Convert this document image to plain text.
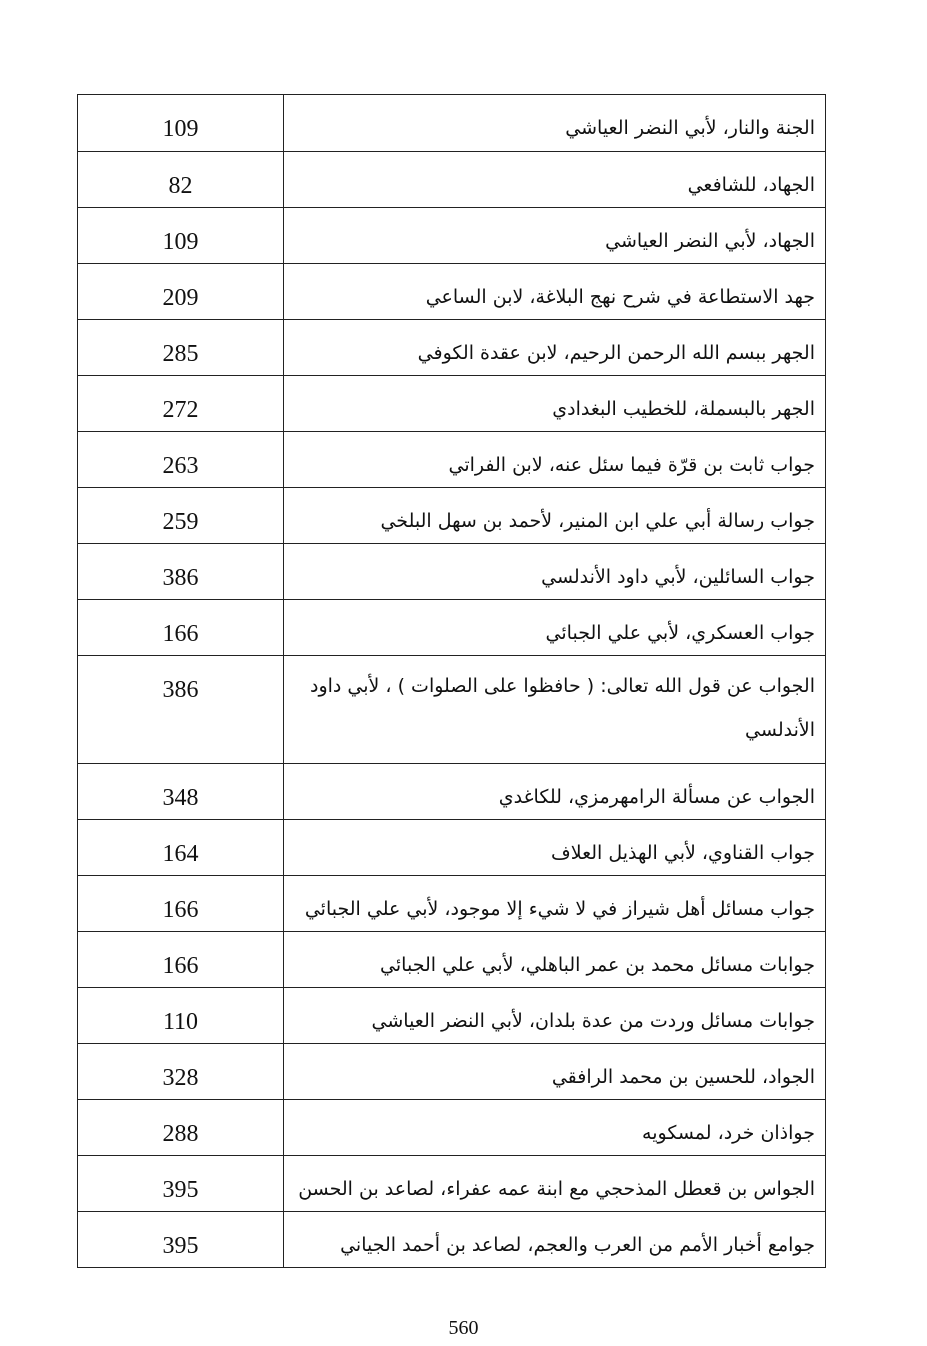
109	الجنة والنار، لأبي النضر العياشي

82	الجهاد، للشافعي

109	الجهاد، لأبي النضر العياشي

209	جهد الاستطاعة في شرح نهج البلاغة، لابن الساعي

285	الجهر ببسم الله الرحمن الرحيم، لابن عقدة الكوفي

272	الجهر بالبسملة، للخطيب البغدادي

263	جواب ثابت بن قرّة فيما سئل عنه، لابن الفراتي

259	جواب رسالة أبي علي ابن المنير، لأحمد بن سهل البلخي

386	جواب السائلين، لأبي داود الأندلسي

166	جواب العسكري، لأبي علي الجبائي

386	الجواب عن قول الله تعالى: ( حافظوا على الصلوات ) ، لأبي داود الأندلسي

348	الجواب عن مسألة الرامهرمزي، للكاغدي

164	جواب القناوي، لأبي الهذيل العلاف

166	جواب مسائل أهل شيراز في لا شيء إلا موجود، لأبي علي الجبائي

166	جوابات مسائل محمد بن عمر الباهلي، لأبي علي الجبائي

110	جوابات مسائل وردت من عدة بلدان، لأبي النضر العياشي

328	الجواد، للحسين بن محمد الرافقي

288	جواذان خرد، لمسكويه

395	الجواس بن قعطل المذحجي مع ابنة عمه عفراء، لصاعد بن الحسن

395	جوامع أخبار الأمم من العرب والعجم، لصاعد بن أحمد الجياني
560
